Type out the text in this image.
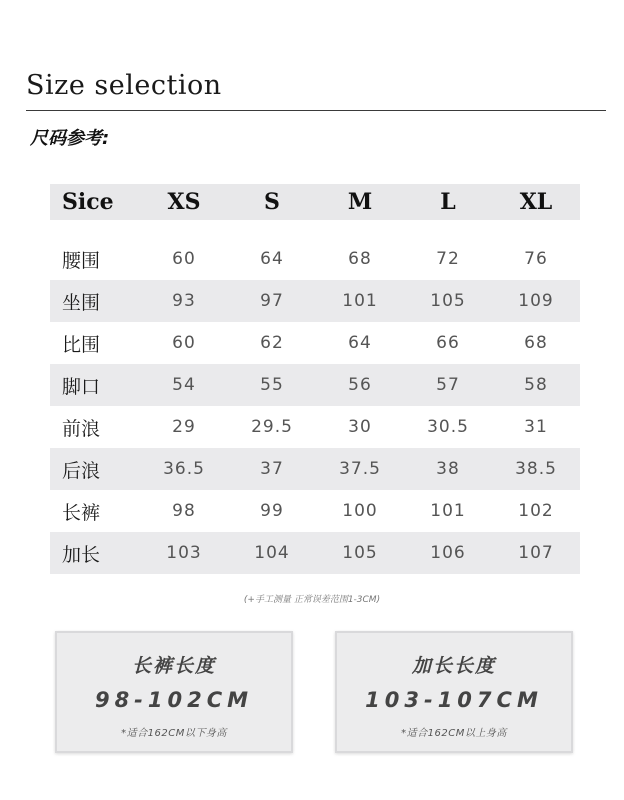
Size selection
尺码参考:
Sice	XS	S	M	L	XL
腰围	60	64	68	72	76
坐围	93	97	101	105	109
比围	60	62	64	66	68
脚口	54	55	56	57	58
前浪	29	29.5	30	30.5	31
后浪	36.5	37	37.5	38	38.5
长裤	98	99	100	101	102
加长	103	104	105	106	107
(+手工测量 正常误差范围1-3CM)
长裤长度
98-102CM
*适合162CM以下身高
加长长度
103-107CM
*适合162CM以上身高
